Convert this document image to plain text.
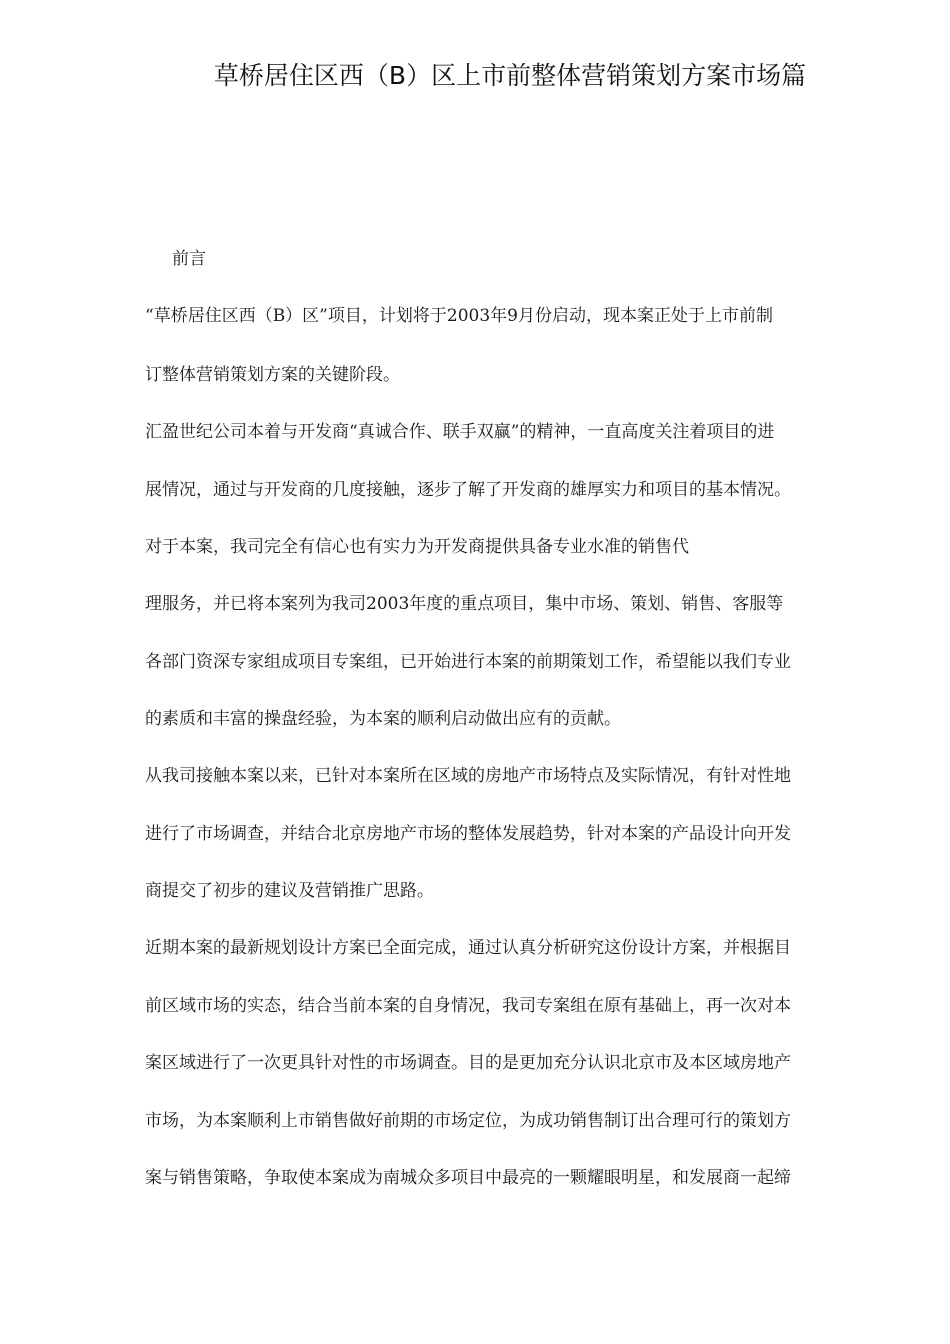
草桥居住区西（B）区上市前整体营销策划方案市场篇
前言
“草桥居住区西（B）区”项目，计划将于2003年9月份启动，现本案正处于上市前制
订整体营销策划方案的关键阶段。
汇盈世纪公司本着与开发商“真诚合作、联手双赢”的精神，一直高度关注着项目的进
展情况，通过与开发商的几度接触，逐步了解了开发商的雄厚实力和项目的基本情况。
对于本案，我司完全有信心也有实力为开发商提供具备专业水准的销售代
理服务，并已将本案列为我司2003年度的重点项目，集中市场、策划、销售、客服等
各部门资深专家组成项目专案组，已开始进行本案的前期策划工作，希望能以我们专业
的素质和丰富的操盘经验，为本案的顺利启动做出应有的贡献。
从我司接触本案以来，已针对本案所在区域的房地产市场特点及实际情况，有针对性地
进行了市场调查，并结合北京房地产市场的整体发展趋势，针对本案的产品设计向开发
商提交了初步的建议及营销推广思路。
近期本案的最新规划设计方案已全面完成，通过认真分析研究这份设计方案，并根据目
前区域市场的实态，结合当前本案的自身情况，我司专案组在原有基础上，再一次对本
案区域进行了一次更具针对性的市场调查。目的是更加充分认识北京市及本区域房地产
市场，为本案顺利上市销售做好前期的市场定位，为成功销售制订出合理可行的策划方
案与销售策略，争取使本案成为南城众多项目中最亮的一颗耀眼明星，和发展商一起缔
